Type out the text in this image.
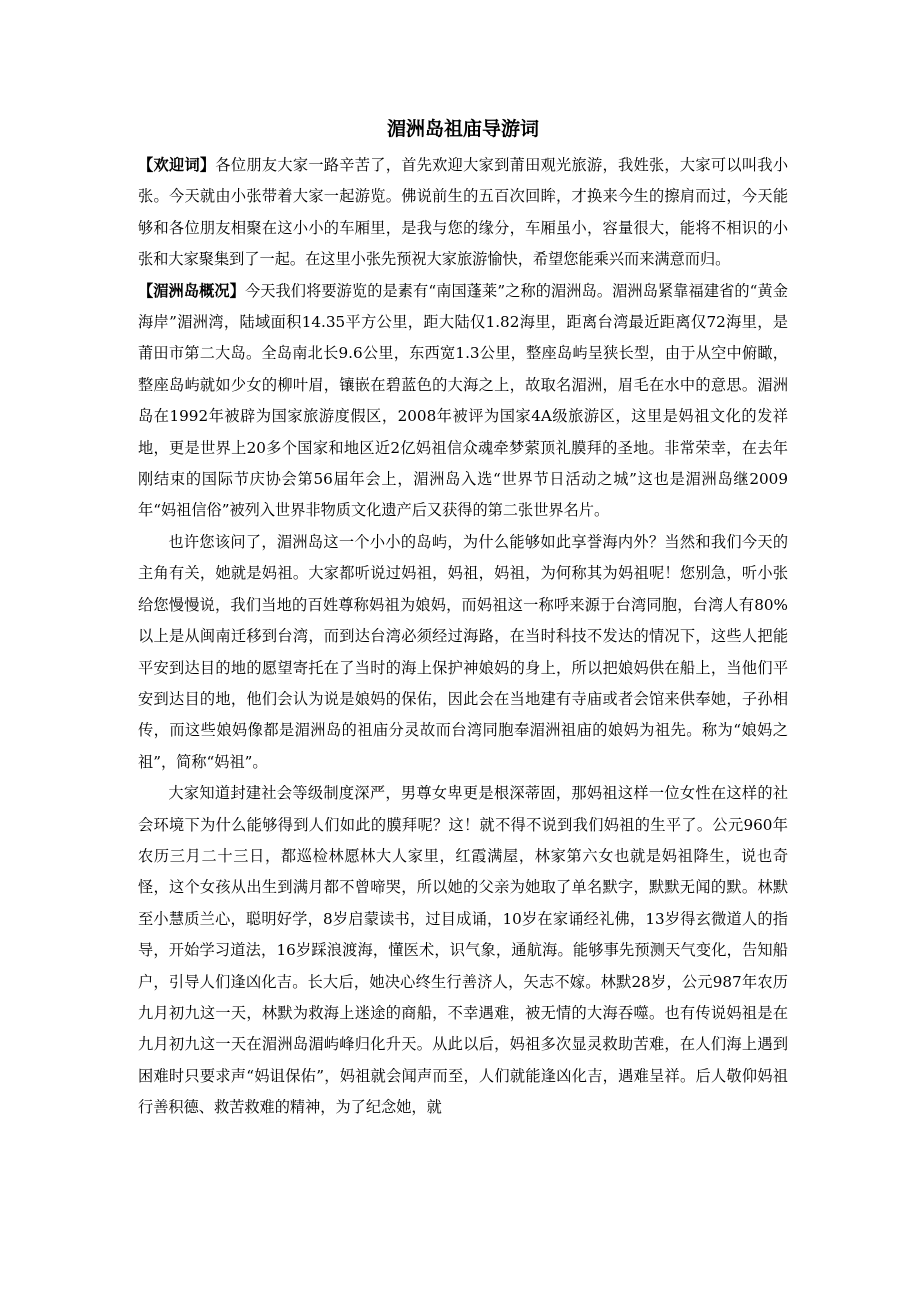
湄洲岛祖庙导游词

【欢迎词】各位朋友大家一路辛苦了，首先欢迎大家到莆田观光旅游，我姓张，大家可以叫我小张。今天就由小张带着大家一起游览。佛说前生的五百次回眸，才换来今生的擦肩而过，今天能够和各位朋友相聚在这小小的车厢里，是我与您的缘分，车厢虽小，容量很大，能将不相识的小张和大家聚集到了一起。在这里小张先预祝大家旅游愉快，希望您能乘兴而来满意而归。

【湄洲岛概况】今天我们将要游览的是素有“南国蓬莱”之称的湄洲岛。湄洲岛紧靠福建省的“黄金海岸”湄洲湾，陆域面积14.35平方公里，距大陆仅1.82海里，距离台湾最近距离仅72海里，是莆田市第二大岛。全岛南北长9.6公里，东西宽1.3公里，整座岛屿呈狭长型，由于从空中俯瞰，整座岛屿就如少女的柳叶眉，镶嵌在碧蓝色的大海之上，故取名湄洲，眉毛在水中的意思。湄洲岛在1992年被辟为国家旅游度假区，2008年被评为国家4A级旅游区，这里是妈祖文化的发祥地，更是世界上20多个国家和地区近2亿妈祖信众魂牵梦萦顶礼膜拜的圣地。非常荣幸，在去年刚结束的国际节庆协会第56届年会上，湄洲岛入选“世界节日活动之城”这也是湄洲岛继2009年“妈祖信俗”被列入世界非物质文化遗产后又获得的第二张世界名片。

也许您该问了，湄洲岛这一个小小的岛屿，为什么能够如此享誉海内外？当然和我们今天的主角有关，她就是妈祖。大家都听说过妈祖，妈祖，妈祖，为何称其为妈祖呢！您别急，听小张给您慢慢说，我们当地的百姓尊称妈祖为娘妈，而妈祖这一称呼来源于台湾同胞，台湾人有80%以上是从闽南迁移到台湾，而到达台湾必须经过海路，在当时科技不发达的情况下，这些人把能平安到达目的地的愿望寄托在了当时的海上保护神娘妈的身上，所以把娘妈供在船上，当他们平安到达目的地，他们会认为说是娘妈的保佑，因此会在当地建有寺庙或者会馆来供奉她，子孙相传，而这些娘妈像都是湄洲岛的祖庙分灵故而台湾同胞奉湄洲祖庙的娘妈为祖先。称为“娘妈之祖”，简称“妈祖”。

大家知道封建社会等级制度深严，男尊女卑更是根深蒂固，那妈祖这样一位女性在这样的社会环境下为什么能够得到人们如此的膜拜呢？这！就不得不说到我们妈祖的生平了。公元960年农历三月二十三日，都巡检林愿林大人家里，红霞满屋，林家第六女也就是妈祖降生，说也奇怪，这个女孩从出生到满月都不曾啼哭，所以她的父亲为她取了单名默字，默默无闻的默。林默至小慧质兰心，聪明好学，8岁启蒙读书，过目成诵，10岁在家诵经礼佛，13岁得玄微道人的指导，开始学习道法，16岁踩浪渡海，懂医术，识气象，通航海。能够事先预测天气变化，告知船户，引导人们逢凶化吉。长大后，她决心终生行善济人，矢志不嫁。林默28岁，公元987年农历九月初九这一天，林默为救海上迷途的商船，不幸遇难，被无情的大海吞噬。也有传说妈祖是在九月初九这一天在湄洲岛湄屿峰归化升天。从此以后，妈祖多次显灵救助苦难，在人们海上遇到困难时只要求声“妈诅保佑”，妈祖就会闻声而至，人们就能逢凶化吉，遇难呈祥。后人敬仰妈祖行善积德、救苦救难的精神，为了纪念她，就
